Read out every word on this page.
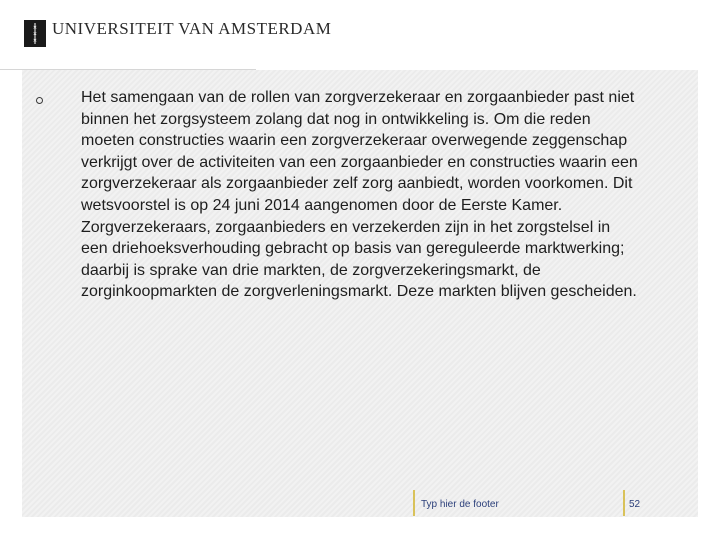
✕
✕
✕
UNIVERSITEIT VAN AMSTERDAM

Het samengaan van de rollen van zorgverzekeraar en zorgaanbieder past niet binnen het zorgsysteem zolang dat nog in ontwikkeling is. Om die reden moeten constructies waarin een zorgverzekeraar overwegende zeggenschap verkrijgt over de activiteiten van een zorgaanbieder en constructies waarin een zorgverzekeraar als zorgaanbieder zelf zorg aanbiedt, worden voorkomen. Dit wetsvoorstel is op 24 juni 2014 aangenomen door de Eerste Kamer. Zorgverzekeraars, zorgaanbieders en verzekerden zijn in het zorgstelsel in een driehoeksverhouding gebracht op basis van gereguleerde marktwerking; daarbij is sprake van drie markten, de zorgverzekeringsmarkt, de zorginkoopmarkten de zorgverleningsmarkt. Deze markten blijven gescheiden.

Typ hier de footer	52
